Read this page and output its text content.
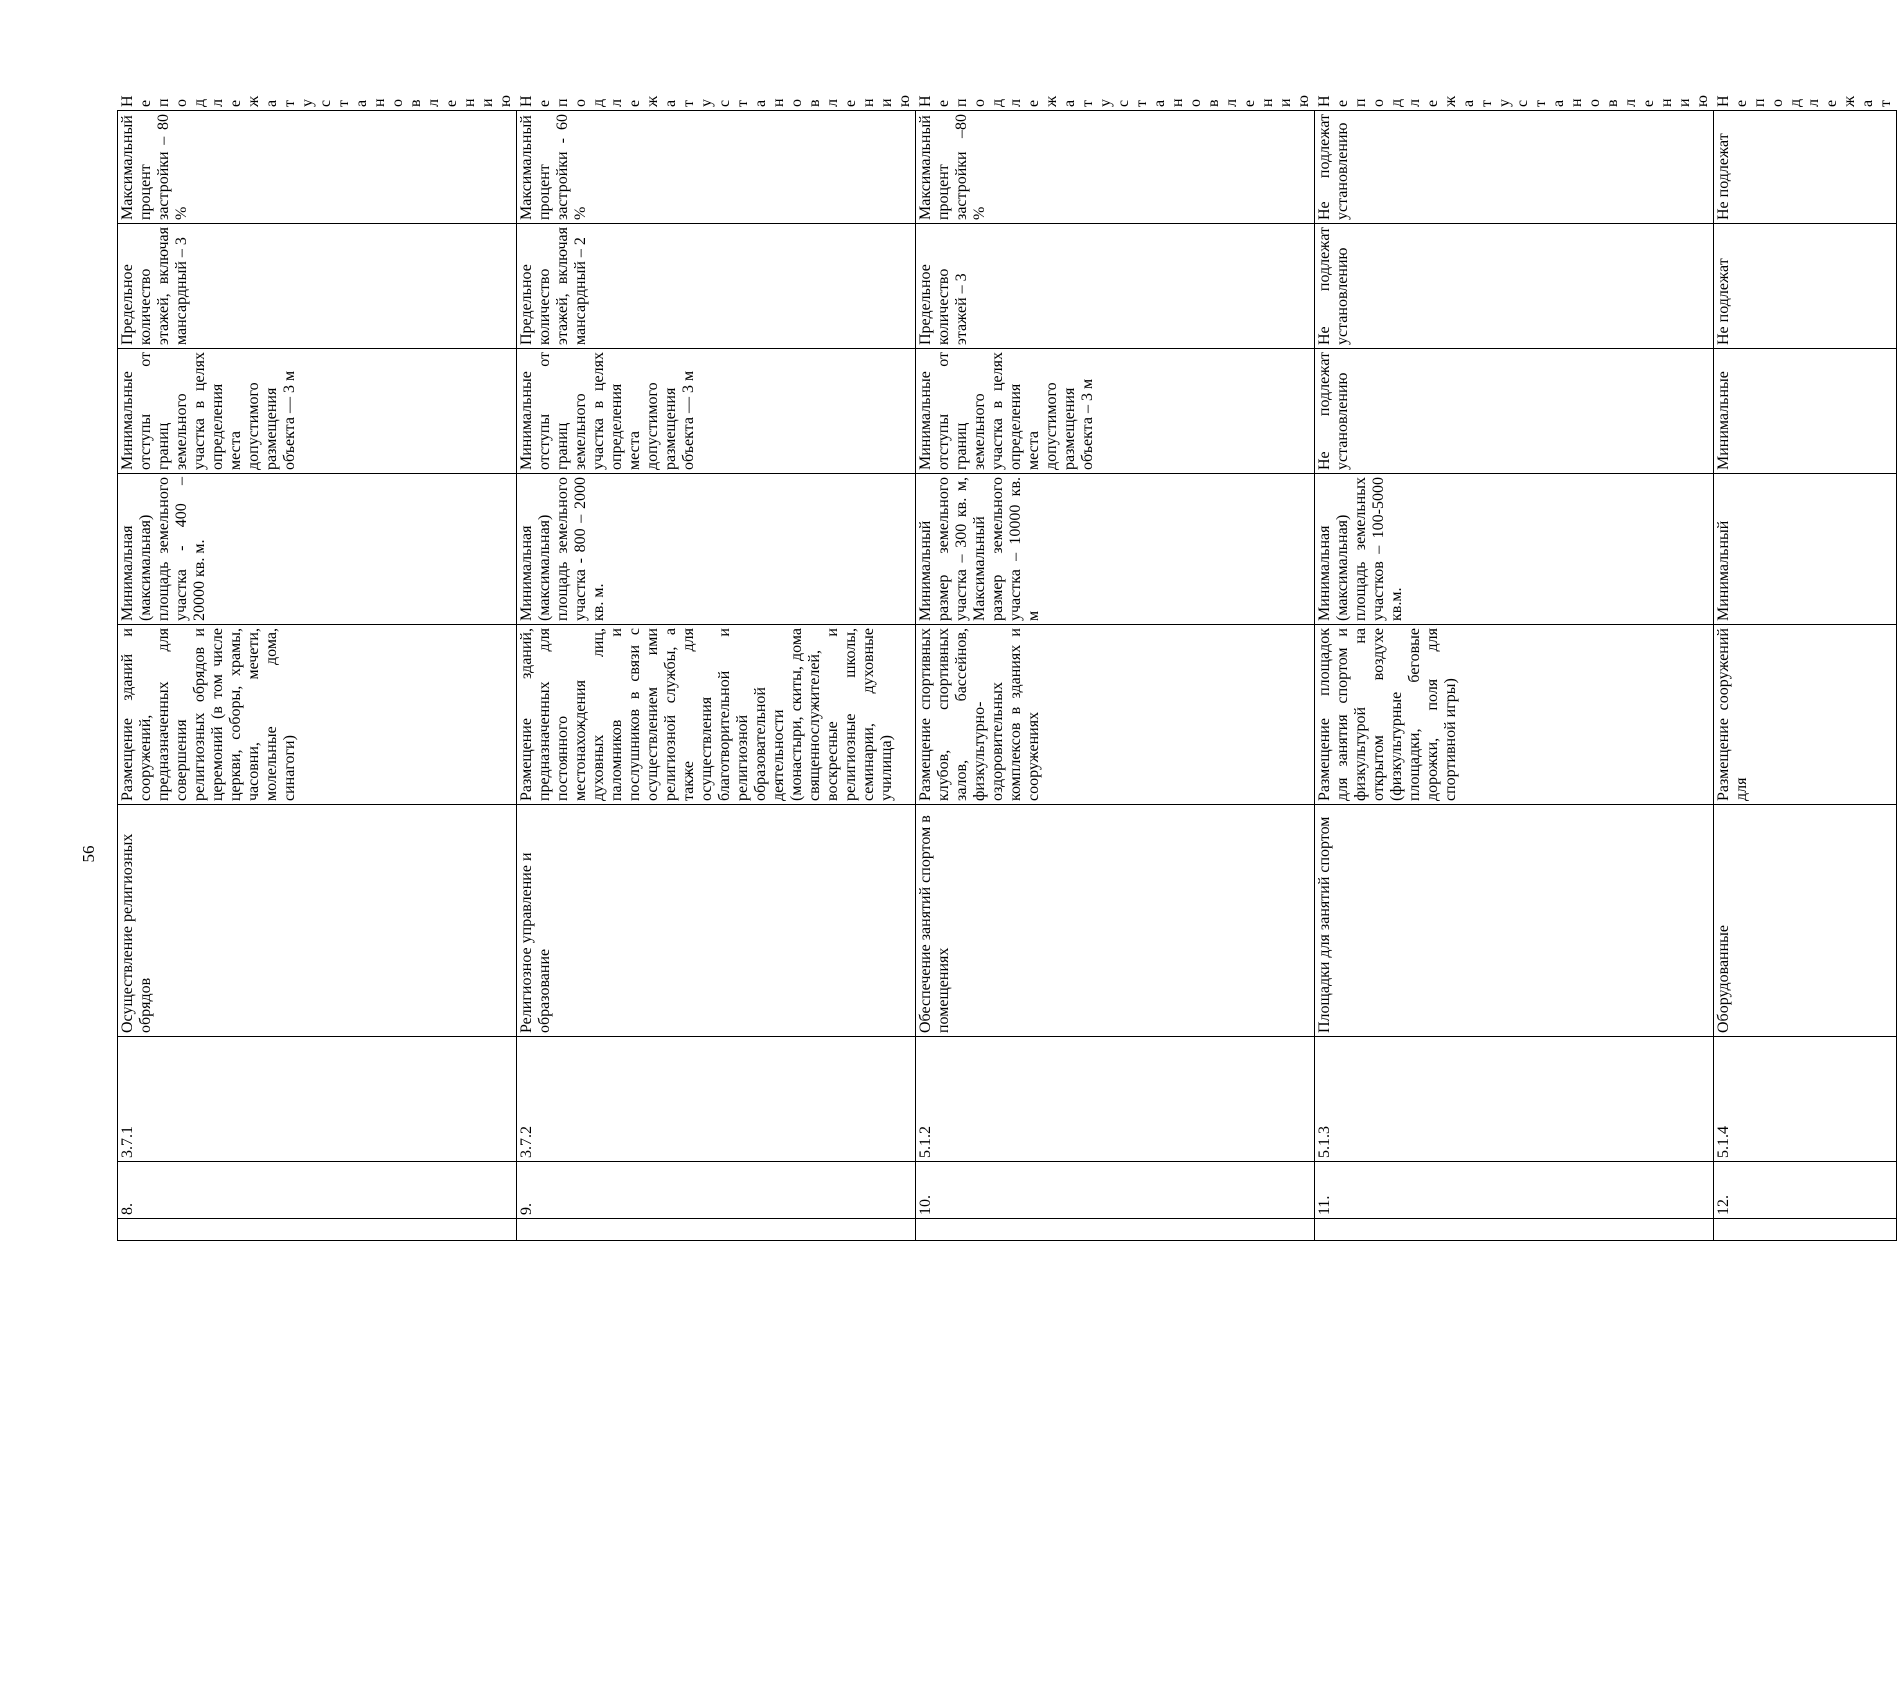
56
	8.	3.7.1	Осуществление религиозных обрядов	Размещение зданий и сооружений, предназначенных для совершения религиозных обрядов и церемоний (в том числе церкви, соборы, храмы, часовни, мечети, молельные дома, синагоги)	Минимальная (максимальная) площадь земельного участка - 400 – 20000 кв. м.	Минимальные отступы от границ земельного участка в целях определения места допустимого размещения объекта — 3 м	Предельное количество этажей, включая мансардный – 3	Максимальный процент застройки – 80 %	Не подлежат установлению
	9.	3.7.2	Религиозное управление и образование	Размещение зданий, предназначенных для постоянного местонахождения духовных лиц, паломников и послушников в связи с осуществлением ими религиозной службы, а также для осуществления благотворительной и религиозной образовательной деятельности (монастыри, скиты, дома священнослужителей, воскресные и религиозные школы, семинарии, духовные училища)	Минимальная (максимальная) площадь земельного участка - 800 – 2000 кв. м.	Минимальные отступы от границ земельного участка в целях определения места допустимого размещения объекта — 3 м	Предельное количество этажей, включая мансардный – 2	Максимальный процент застройки - 60 %	Не подлежат установлению
	10.	5.1.2	Обеспечение занятий спортом в помещениях	Размещение спортивных клубов, спортивных залов, бассейнов, физкультурно-оздоровительных комплексов в зданиях и сооружениях	Минимальный размер земельного участка – 300 кв. м, Максимальный размер земельного участка – 10000 кв. м	Минимальные отступы от границ земельного участка в целях определения места допустимого размещения объекта – 3 м	Предельное количество этажей – 3	Максимальный процент застройки –80 %	Не подлежат установлению
	11.	5.1.3	Площадки для занятий спортом	Размещение площадок для занятия спортом и физкультурой на открытом воздухе (физкультурные площадки, беговые дорожки, поля для спортивной игры)	Минимальная (максимальная) площадь земельных участков – 100-5000 кв.м.	Не подлежат установлению	Не подлежат установлению	Не подлежат установлению	Не подлежат установлению
	12.	5.1.4	Оборудованные	Размещение сооружений для	Минимальный	Минимальные	Не подлежат	Не подлежат	Не подлежат
